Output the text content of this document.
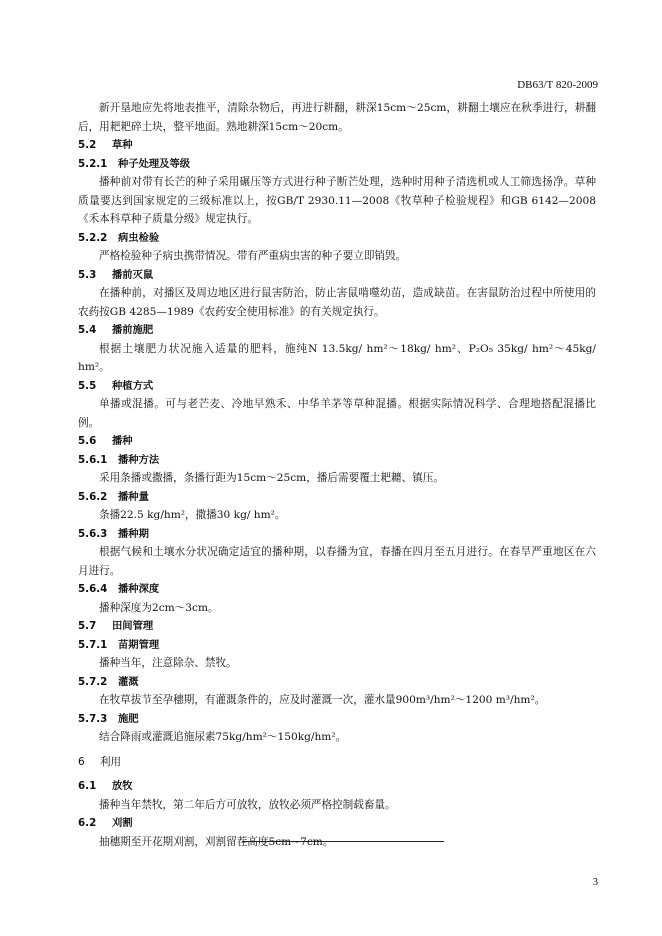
DB63/T 820-2009

新开垦地应先将地表推平，清除杂物后，再进行耕翻，耕深15cm～25cm，耕翻土壤应在秋季进行，耕翻后，用耙耙碎土块，整平地面。熟地耕深15cm～20cm。

5.2 草种
5.2.1 种子处理及等级

播种前对带有长芒的种子采用碾压等方式进行种子断芒处理，选种时用种子清选机或人工筛选扬净。草种质量要达到国家规定的三级标准以上，按GB/T 2930.11—2008《牧草种子检验规程》和GB 6142—2008《禾本科草种子质量分级》规定执行。

5.2.2 病虫检验

严格检验种子病虫携带情况。带有严重病虫害的种子要立即销毁。

5.3 播前灭鼠

在播种前，对播区及周边地区进行鼠害防治，防止害鼠啃噬幼苗，造成缺苗。在害鼠防治过程中所使用的农药按GB 4285—1989《农药安全使用标准》的有关规定执行。

5.4 播前施肥

根据土壤肥力状况施入适量的肥料，施纯N 13.5kg/ hm²～18kg/ hm²、P₂O₅ 35kg/ hm²～45kg/ hm²。

5.5 种植方式

单播或混播。可与老芒麦、冷地早熟禾、中华羊茅等草种混播。根据实际情况科学、合理地搭配混播比例。

5.6 播种
5.6.1 播种方法

采用条播或撒播，条播行距为15cm～25cm，播后需要覆土耙耱、镇压。

5.6.2 播种量

条播22.5 kg/hm²，撒播30 kg/ hm²。

5.6.3 播种期

根据气候和土壤水分状况确定适宜的播种期，以春播为宜，春播在四月至五月进行。在春旱严重地区在六月进行。

5.6.4 播种深度

播种深度为2cm～3cm。

5.7 田间管理
5.7.1 苗期管理

播种当年，注意除杂、禁牧。

5.7.2 灌溉

在牧草拔节至孕穗期，有灌溉条件的，应及时灌溉一次，灌水量900m³/hm²～1200 m³/hm²。

5.7.3 施肥

结合降雨或灌溉追施尿素75kg/hm²～150kg/hm²。

6 利用
6.1 放牧

播种当年禁牧，第二年后方可放牧，放牧必须严格控制载畜量。

6.2 刈割

抽穗期至开花期刈割，刈割留茬高度5cm~7cm。

3
